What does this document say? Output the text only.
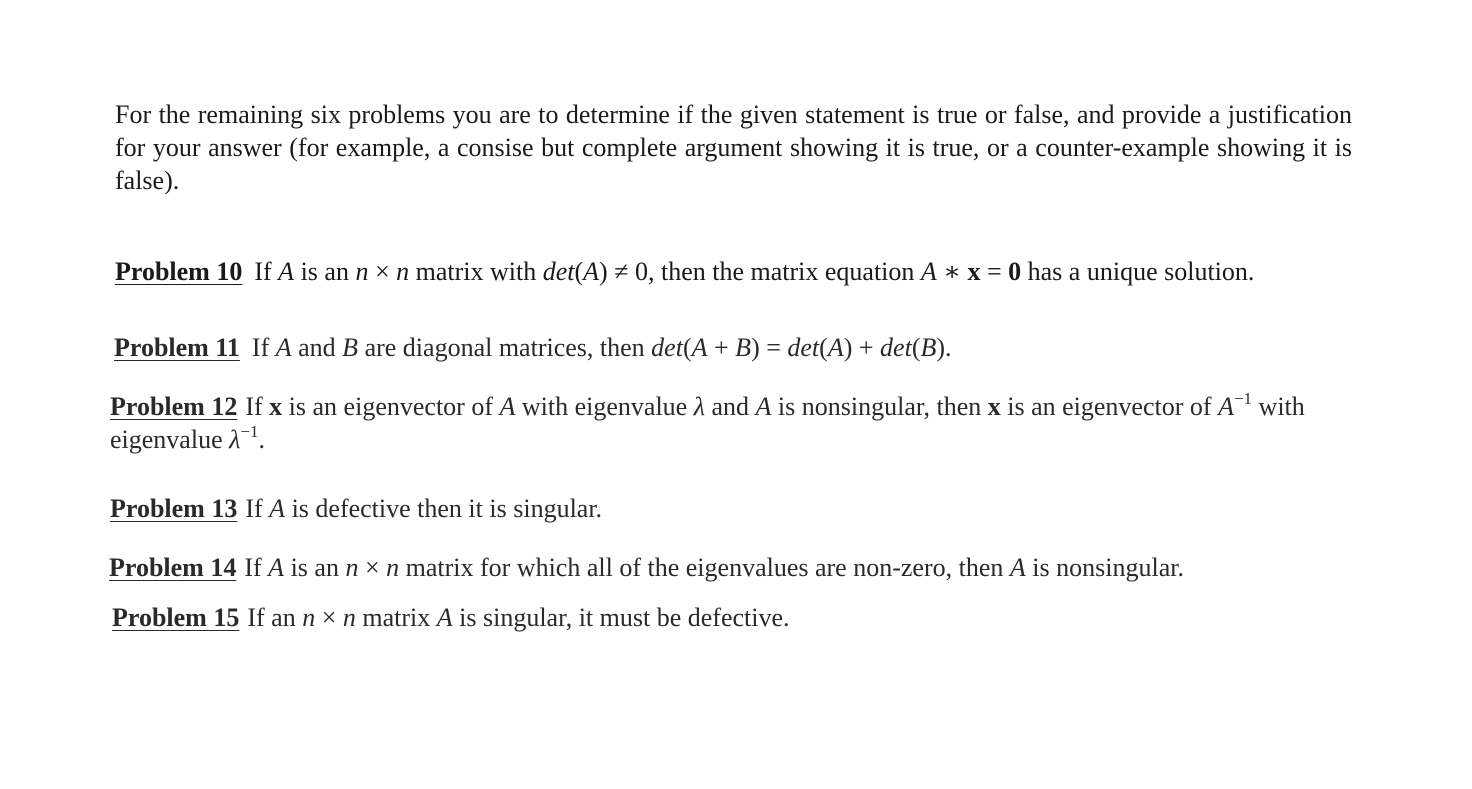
For the remaining six problems you are to determine if the given statement is true or false, and provide a justification for your answer (for example, a consise but complete argument showing it is true, or a counter-example showing it is false).

Problem 10 If A is an n × n matrix with det(A) ≠ 0, then the matrix equation A ∗ x = 0 has a unique solution.

Problem 11 If A and B are diagonal matrices, then det(A + B) = det(A) + det(B).

Problem 12 If x is an eigenvector of A with eigenvalue λ and A is nonsingular, then x is an eigenvector of $A^{-1}$ with eigenvalue $\lambda^{-1}$.

Problem 13 If A is defective then it is singular.

Problem 14 If A is an n × n matrix for which all of the eigenvalues are non-zero, then A is nonsingular.

Problem 15 If an n × n matrix A is singular, it must be defective.
